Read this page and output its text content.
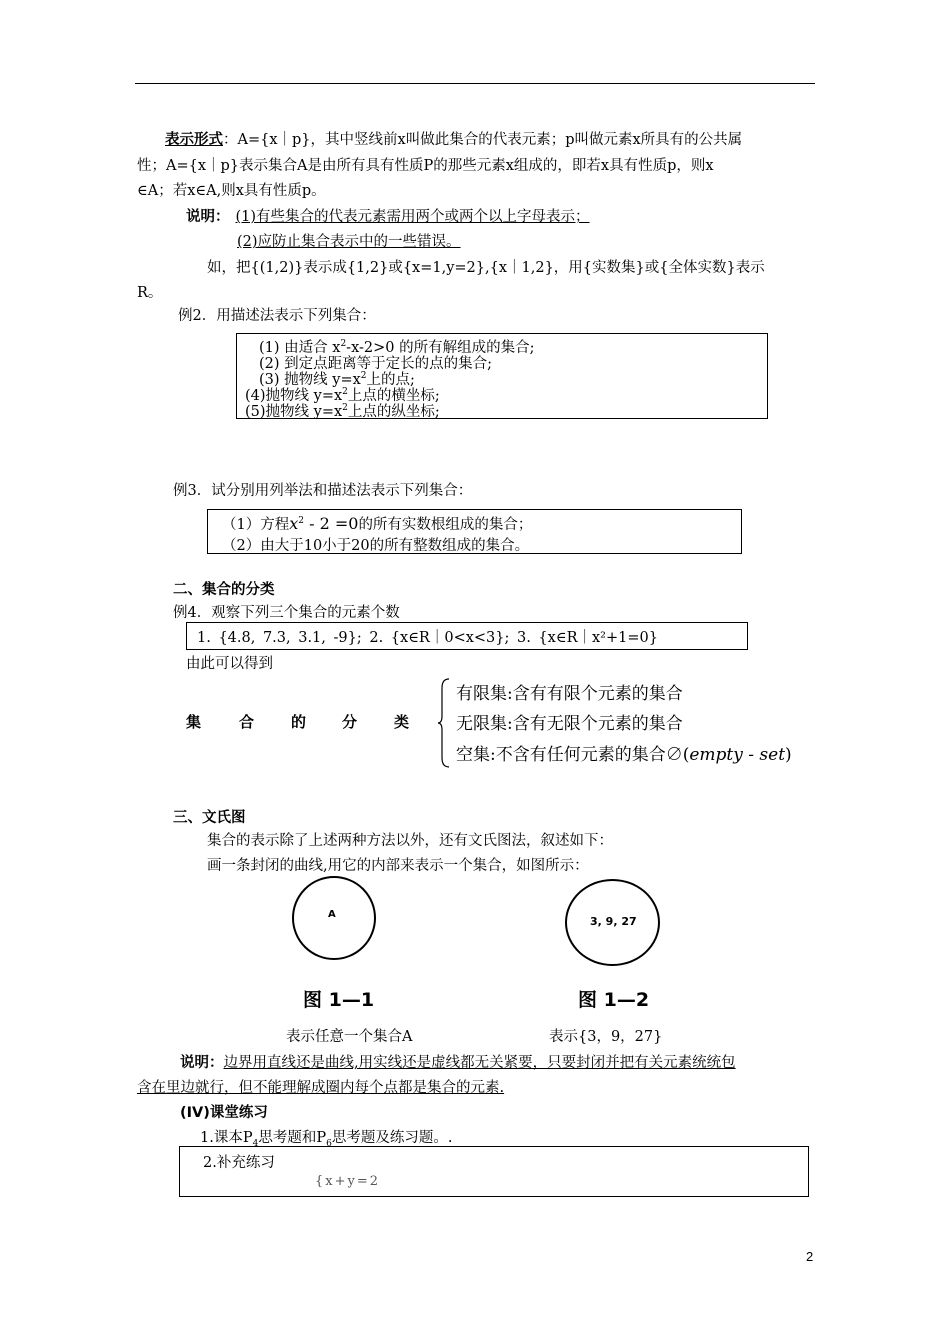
表示形式：A={x｜p}，其中竖线前x叫做此集合的代表元素；p叫做元素x所具有的公共属
性；A={x｜p}表示集合A是由所有具有性质P的那些元素x组成的，即若x具有性质p，则x
∈A；若x∈A,则x具有性质p。
说明： (1)有些集合的代表元素需用两个或两个以上字母表示；
(2)应防止集合表示中的一些错误。
如，把{(1,2)}表示成{1,2}或{x=1,y=2},{x｜1,2}，用{实数集}或{全体实数}表示
R。
例2．用描述法表示下列集合：
(1) 由适合 $x^2-x-2>0$ 的所有解组成的集合;
(2) 到定点距离等于定长的点的集合;
(3) 抛物线 $y=x^2$上的点;
(4)抛物线 $y=x^2$上点的横坐标;
(5)抛物线 $y=x^2$上点的纵坐标;
例3．试分别用列举法和描述法表示下列集合：
（1）方程$x^2 - 2 =0$的所有实数根组成的集合；
（2）由大于10小于20的所有整数组成的集合。
二、集合的分类
例4．观察下列三个集合的元素个数
1. {4.8, 7.3, 3.1, -9}; 2. {x∈R｜0<x<3}; 3. {x∈R｜x²+1=0}
由此可以得到
集	合 的 分 类
有限集:含有有限个元素的集合
无限集:含有无限个元素的集合
空集:不含有任何元素的集合∅(empty - set)
三、文氏图
集合的表示除了上述两种方法以外，还有文氏图法，叙述如下：
画一条封闭的曲线,用它的内部来表示一个集合，如图所示：
A
3, 9, 27
图 1—1	图 1—2
表示任意一个集合A	表示{3，9，27}
说明：边界用直线还是曲线,用实线还是虚线都无关紧要，只要封闭并把有关元素统统包
含在里边就行，但不能理解成圈内每个点都是集合的元素.
(IV)课堂练习
1.课本$P_4$思考题和$P_6$思考题及练习题。.
2.补充练习
{x+y=2
2
